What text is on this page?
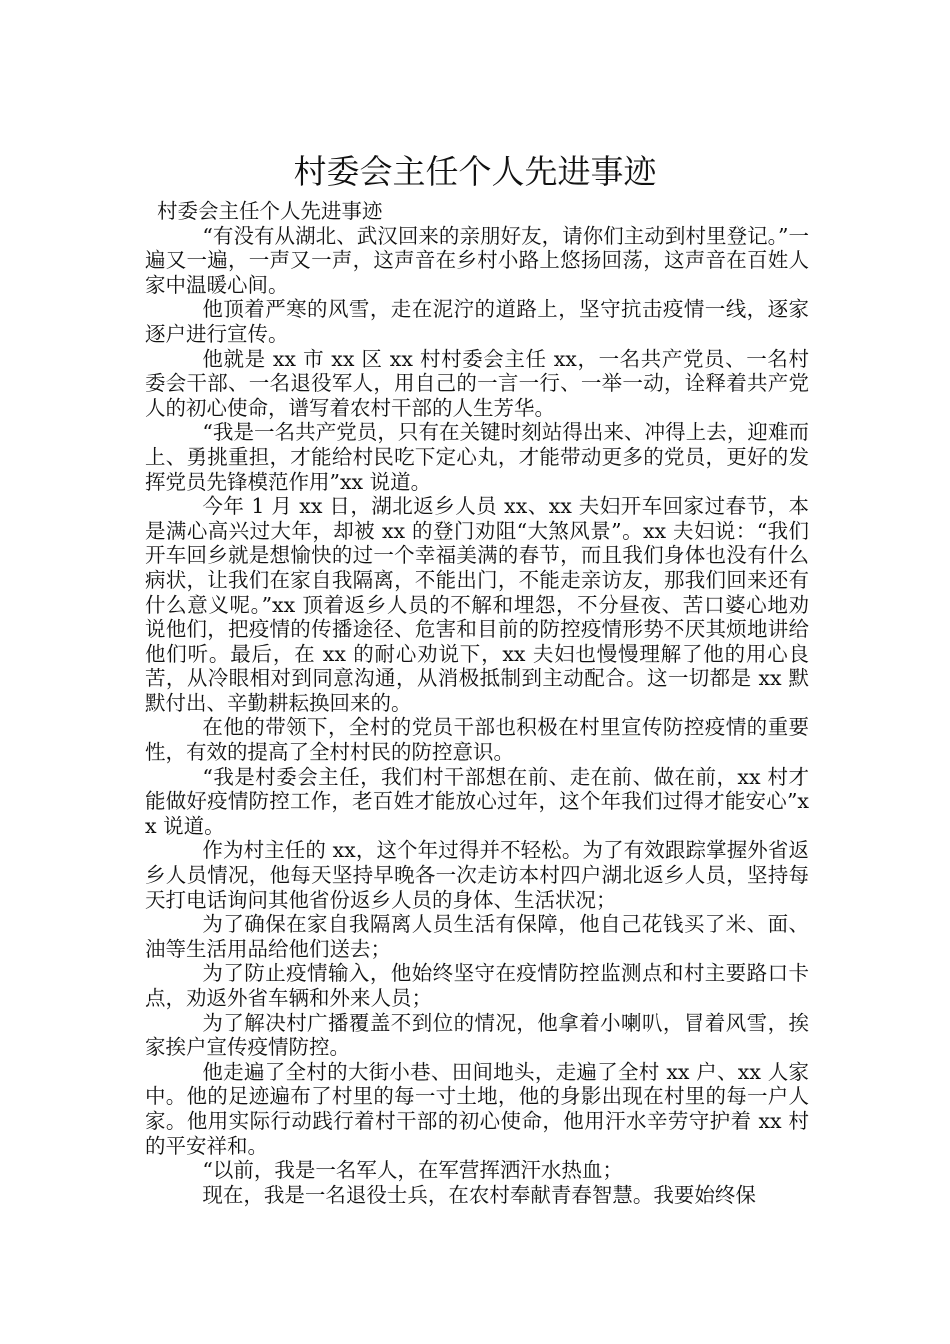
村委会主任个人先进事迹

村委会主任个人先进事迹

“有没有从湖北、武汉回来的亲朋好友，请你们主动到村里登记。”一遍又一遍，一声又一声，这声音在乡村小路上悠扬回荡，这声音在百姓人家中温暖心间。

他顶着严寒的风雪，走在泥泞的道路上，坚守抗击疫情一线，逐家逐户进行宣传。

他就是 xx 市 xx 区 xx 村村委会主任 xx，一名共产党员、一名村委会干部、一名退役军人，用自己的一言一行、一举一动，诠释着共产党人的初心使命，谱写着农村干部的人生芳华。

“我是一名共产党员，只有在关键时刻站得出来、冲得上去，迎难而上、勇挑重担，才能给村民吃下定心丸，才能带动更多的党员，更好的发挥党员先锋模范作用”xx 说道。

今年 1 月 xx 日，湖北返乡人员 xx、xx 夫妇开车回家过春节，本是满心高兴过大年，却被 xx 的登门劝阻“大煞风景”。xx 夫妇说：“我们开车回乡就是想愉快的过一个幸福美满的春节，而且我们身体也没有什么病状，让我们在家自我隔离，不能出门，不能走亲访友，那我们回来还有什么意义呢。”xx 顶着返乡人员的不解和埋怨，不分昼夜、苦口婆心地劝说他们，把疫情的传播途径、危害和目前的防控疫情形势不厌其烦地讲给他们听。最后，在 xx 的耐心劝说下，xx 夫妇也慢慢理解了他的用心良苦，从冷眼相对到同意沟通，从消极抵制到主动配合。这一切都是 xx 默默付出、辛勤耕耘换回来的。

在他的带领下，全村的党员干部也积极在村里宣传防控疫情的重要性，有效的提高了全村村民的防控意识。

“我是村委会主任，我们村干部想在前、走在前、做在前，xx 村才能做好疫情防控工作，老百姓才能放心过年，这个年我们过得才能安心”xx 说道。

作为村主任的 xx，这个年过得并不轻松。为了有效跟踪掌握外省返乡人员情况，他每天坚持早晚各一次走访本村四户湖北返乡人员，坚持每天打电话询问其他省份返乡人员的身体、生活状况；

为了确保在家自我隔离人员生活有保障，他自己花钱买了米、面、油等生活用品给他们送去；

为了防止疫情输入，他始终坚守在疫情防控监测点和村主要路口卡点，劝返外省车辆和外来人员；

为了解决村广播覆盖不到位的情况，他拿着小喇叭，冒着风雪，挨家挨户宣传疫情防控。

他走遍了全村的大街小巷、田间地头，走遍了全村 xx 户、xx 人家中。他的足迹遍布了村里的每一寸土地，他的身影出现在村里的每一户人家。他用实际行动践行着村干部的初心使命，他用汗水辛劳守护着 xx 村的平安祥和。

“以前，我是一名军人，在军营挥洒汗水热血；

现在，我是一名退役士兵，在农村奉献青春智慧。我要始终保
